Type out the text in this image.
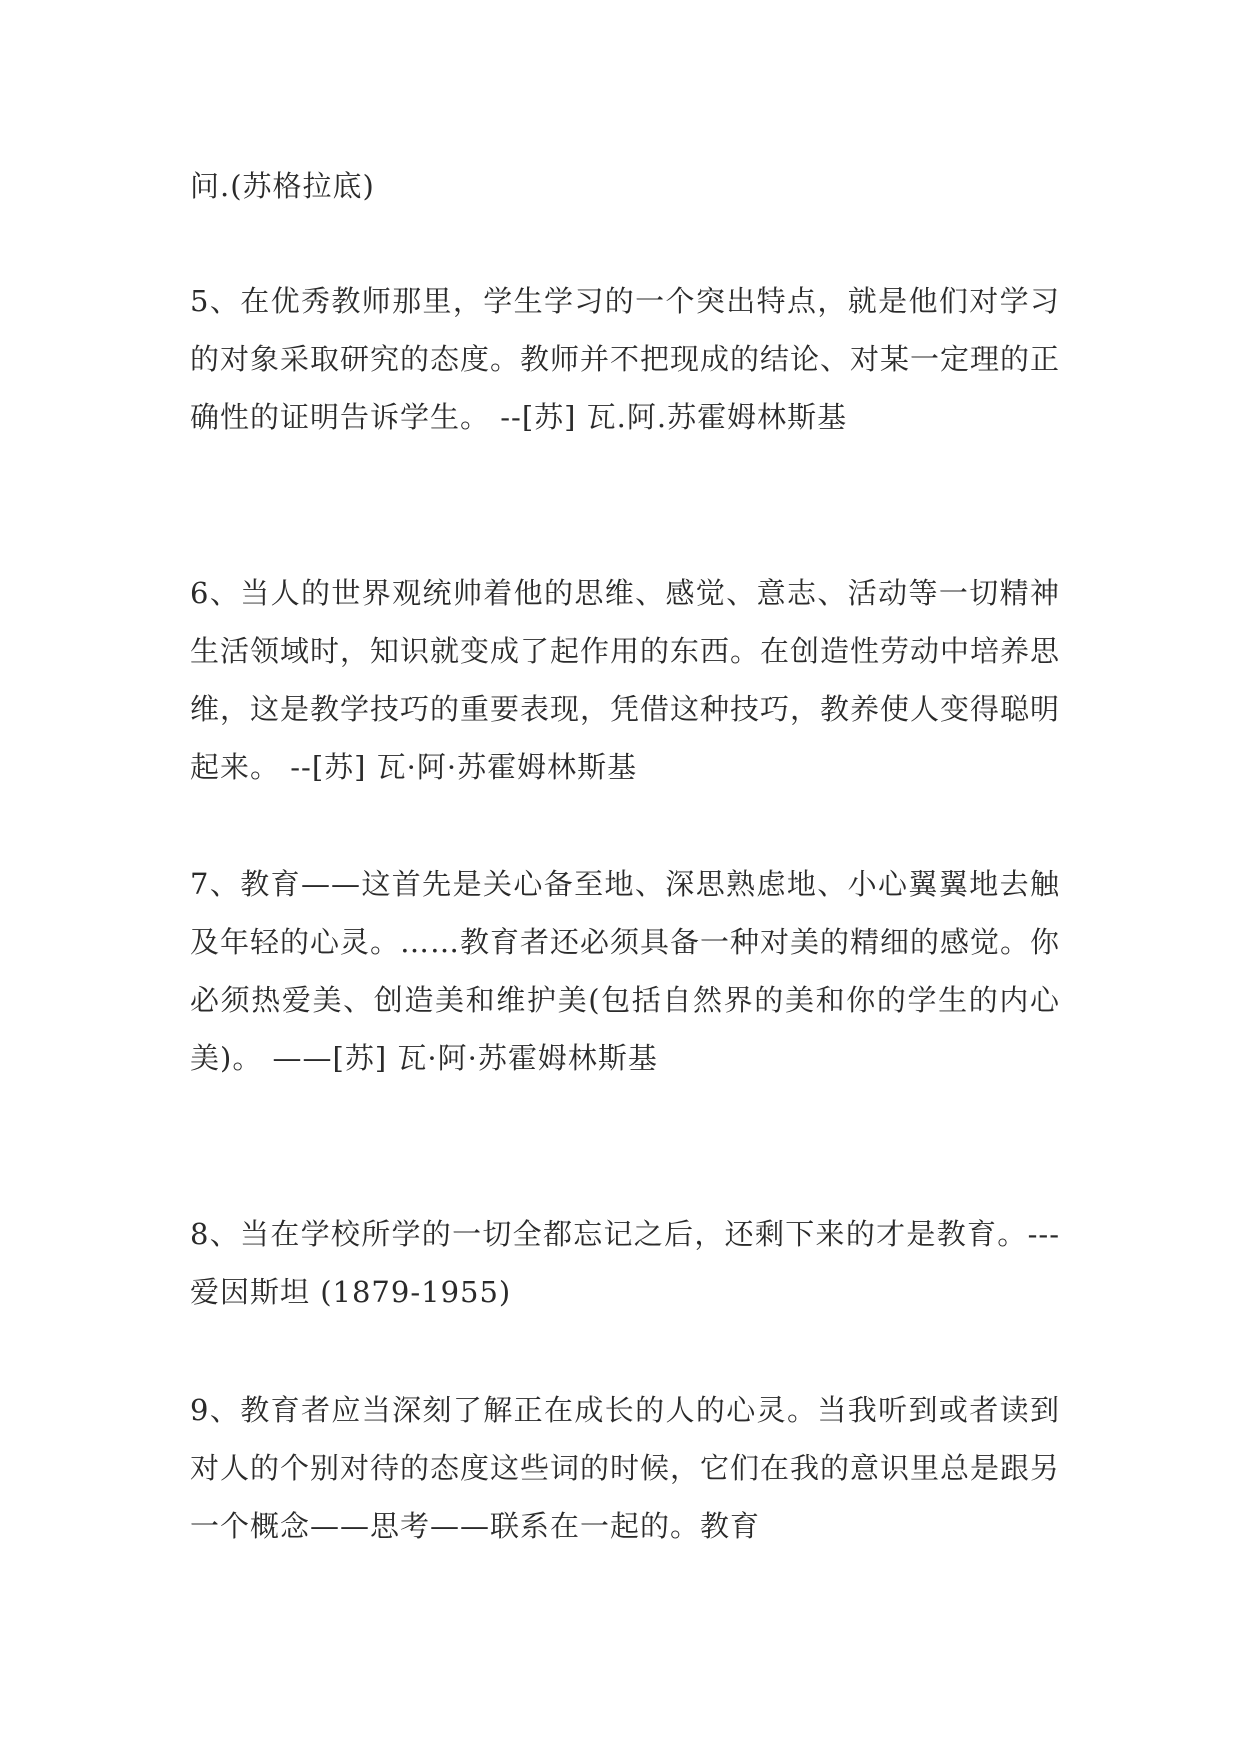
问.(苏格拉底)

5、在优秀教师那里，学生学习的一个突出特点，就是他们对学习的对象采取研究的态度。教师并不把现成的结论、对某一定理的正确性的证明告诉学生。 --[苏] 瓦.阿.苏霍姆林斯基

6、当人的世界观统帅着他的思维、感觉、意志、活动等一切精神生活领域时，知识就变成了起作用的东西。在创造性劳动中培养思维，这是教学技巧的重要表现，凭借这种技巧，教养使人变得聪明起来。 --[苏] 瓦·阿·苏霍姆林斯基

7、教育——这首先是关心备至地、深思熟虑地、小心翼翼地去触及年轻的心灵。……教育者还必须具备一种对美的精细的感觉。你必须热爱美、创造美和维护美(包括自然界的美和你的学生的内心美)。 ——[苏] 瓦·阿·苏霍姆林斯基

8、当在学校所学的一切全都忘记之后，还剩下来的才是教育。---爱因斯坦 (1879-1955)

9、教育者应当深刻了解正在成长的人的心灵。当我听到或者读到对人的个别对待的态度这些词的时候，它们在我的意识里总是跟另一个概念——思考——联系在一起的。教育
